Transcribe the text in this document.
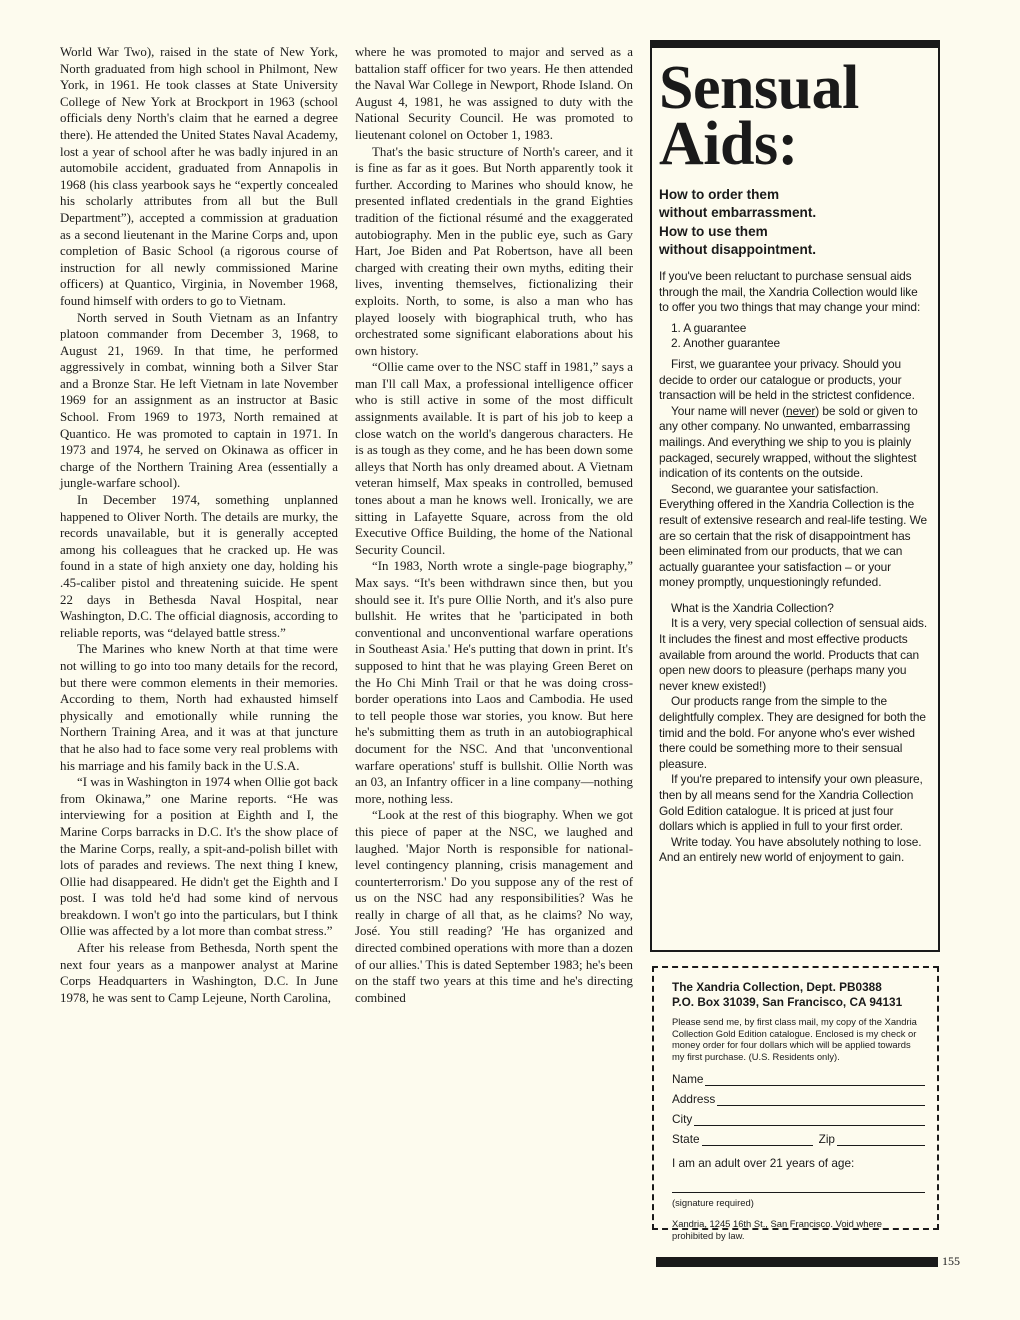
World War Two), raised in the state of New York, North graduated from high school in Philmont, New York, in 1961. He took classes at State University College of New York at Brockport in 1963 (school officials deny North's claim that he earned a degree there). He attended the United States Naval Academy, lost a year of school after he was badly injured in an automobile accident, graduated from Annapolis in 1968 (his class yearbook says he “expertly concealed his scholarly attributes from all but the Bull Department”), accepted a commission at graduation as a second lieutenant in the Marine Corps and, upon completion of Basic School (a rigorous course of instruction for all newly commissioned Marine officers) at Quantico, Virginia, in November 1968, found himself with orders to go to Vietnam.

North served in South Vietnam as an Infantry platoon commander from December 3, 1968, to August 21, 1969. In that time, he performed aggressively in combat, winning both a Silver Star and a Bronze Star. He left Vietnam in late November 1969 for an assignment as an instructor at Basic School. From 1969 to 1973, North remained at Quantico. He was promoted to captain in 1971. In 1973 and 1974, he served on Okinawa as officer in charge of the Northern Training Area (essentially a jungle-warfare school).

In December 1974, something unplanned happened to Oliver North. The details are murky, the records unavailable, but it is generally accepted among his colleagues that he cracked up. He was found in a state of high anxiety one day, holding his .45-caliber pistol and threatening suicide. He spent 22 days in Bethesda Naval Hospital, near Washington, D.C. The official diagnosis, according to reliable reports, was “delayed battle stress.”

The Marines who knew North at that time were not willing to go into too many details for the record, but there were common elements in their memories. According to them, North had exhausted himself physically and emotionally while running the Northern Training Area, and it was at that juncture that he also had to face some very real problems with his marriage and his family back in the U.S.A.

“I was in Washington in 1974 when Ollie got back from Okinawa,” one Marine reports. “He was interviewing for a position at Eighth and I, the Marine Corps barracks in D.C. It's the show place of the Marine Corps, really, a spit-and-polish billet with lots of parades and reviews. The next thing I knew, Ollie had disappeared. He didn't get the Eighth and I post. I was told he'd had some kind of nervous breakdown. I won't go into the particulars, but I think Ollie was affected by a lot more than combat stress.”

After his release from Bethesda, North spent the next four years as a manpower analyst at Marine Corps Headquarters in Washington, D.C. In June 1978, he was sent to Camp Lejeune, North Carolina,

where he was promoted to major and served as a battalion staff officer for two years. He then attended the Naval War College in Newport, Rhode Island. On August 4, 1981, he was assigned to duty with the National Security Council. He was promoted to lieutenant colonel on October 1, 1983.

That's the basic structure of North's career, and it is fine as far as it goes. But North apparently took it further. According to Marines who should know, he presented inflated credentials in the grand Eighties tradition of the fictional résumé and the exaggerated autobiography. Men in the public eye, such as Gary Hart, Joe Biden and Pat Robertson, have all been charged with creating their own myths, editing their lives, inventing themselves, fictionalizing their exploits. North, to some, is also a man who has played loosely with biographical truth, who has orchestrated some significant elaborations about his own history.

“Ollie came over to the NSC staff in 1981,” says a man I'll call Max, a professional intelligence officer who is still active in some of the most difficult assignments available. It is part of his job to keep a close watch on the world's dangerous characters. He is as tough as they come, and he has been down some alleys that North has only dreamed about. A Vietnam veteran himself, Max speaks in controlled, bemused tones about a man he knows well. Ironically, we are sitting in Lafayette Square, across from the old Executive Office Building, the home of the National Security Council.

“In 1983, North wrote a single-page biography,” Max says. “It's been withdrawn since then, but you should see it. It's pure Ollie North, and it's also pure bullshit. He writes that he 'participated in both conventional and unconventional warfare operations in Southeast Asia.' He's putting that down in print. It's supposed to hint that he was playing Green Beret on the Ho Chi Minh Trail or that he was doing cross-border operations into Laos and Cambodia. He used to tell people those war stories, you know. But here he's submitting them as truth in an autobiographical document for the NSC. And that 'unconventional warfare operations' stuff is bullshit. Ollie North was an 03, an Infantry officer in a line company—nothing more, nothing less.

“Look at the rest of this biography. When we got this piece of paper at the NSC, we laughed and laughed. 'Major North is responsible for national-level contingency planning, crisis management and counterterrorism.' Do you suppose any of the rest of us on the NSC had any responsibilities? Was he really in charge of all that, as he claims? No way, José. You still reading? 'He has organized and directed combined operations with more than a dozen of our allies.' This is dated September 1983; he's been on the staff two years at this time and he's directing combined

Sensual
Aids:
How to order them
without embarrassment.
How to use them
without disappointment.

If you've been reluctant to purchase sensual aids through the mail, the Xandria Collection would like to offer you two things that may change your mind:

1. A guarantee
2. Another guarantee

First, we guarantee your privacy. Should you decide to order our catalogue or products, your transaction will be held in the strictest confidence.

Your name will never (never) be sold or given to any other company. No unwanted, embarrassing mailings. And everything we ship to you is plainly packaged, securely wrapped, without the slightest indication of its contents on the outside.

Second, we guarantee your satisfaction. Everything offered in the Xandria Collection is the result of extensive research and real-life testing. We are so certain that the risk of disappointment has been eliminated from our products, that we can actually guarantee your satisfaction – or your money promptly, unquestioningly refunded.

What is the Xandria Collection?

It is a very, very special collection of sensual aids. It includes the finest and most effective products available from around the world. Products that can open new doors to pleasure (perhaps many you never knew existed!)

Our products range from the simple to the delightfully complex. They are designed for both the timid and the bold. For anyone who's ever wished there could be something more to their sensual pleasure.

If you're prepared to intensify your own pleasure, then by all means send for the Xandria Collection Gold Edition catalogue. It is priced at just four dollars which is applied in full to your first order.

Write today. You have absolutely nothing to lose. And an entirely new world of enjoyment to gain.

The Xandria Collection, Dept. PB0388

P.O. Box 31039, San Francisco, CA 94131

Please send me, by first class mail, my copy of the Xandria Collection Gold Edition catalogue. Enclosed is my check or money order for four dollars which will be applied towards my first purchase. (U.S. Residents only).

Name
Address
City
State	Zip

I am an adult over 21 years of age:

(signature required)

Xandria, 1245 16th St., San Francisco. Void where prohibited by law.

155
